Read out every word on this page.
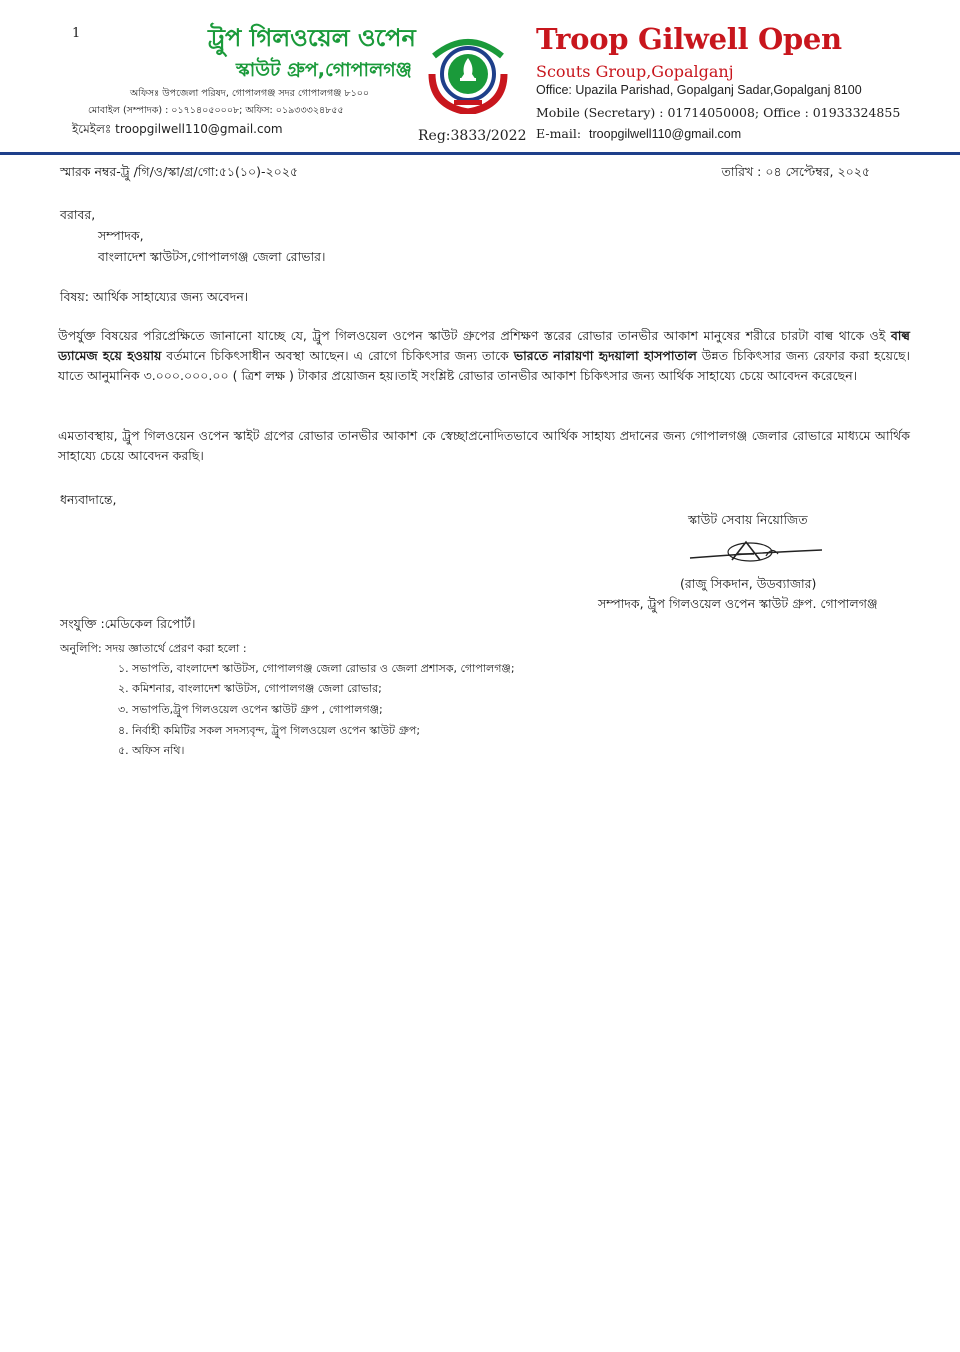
1	ট্রুপ গিলওয়েল ওপেন
স্কাউট গ্রুপ,গোপালগঞ্জ
অফিসঃ উপজেলা পরিষদ, গোপালগঞ্জ সদর গোপালগঞ্জ ৮১০০
মোবাইল (সম্পাদক) : ০১৭১৪০৫০০০৮; অফিস: ০১৯৩৩৩২৪৮৫৫
ইমেইলঃ troopgilwell110@gmail.com	Reg:3833/2022
Troop Gilwell Open
Scouts Group,Gopalganj
Office: Upazila Parishad, Gopalganj Sadar,Gopalganj 8100
Mobile (Secretary) : 01714050008; Office : 01933324855
E-mail: troopgilwell110@gmail.com
স্মারক নম্বর-ট্রু /গি/ও/স্কা/গ্র/গো:৫১(১০)-২০২৫	তারিখ : ০৪ সেপ্টেম্বর, ২০২৫
বরাবর,
সম্পাদক,
বাংলাদেশ স্কাউটস,গোপালগঞ্জ জেলা রোভার।
বিষয়: আর্থিক সাহায্যের জন্য অবেদন।
উপর্যুক্ত বিষয়ের পরিপ্রেক্ষিতে জানানো যাচ্ছে যে, ট্রুপ গিলওয়েল ওপেন স্কাউট গ্রুপের প্রশিক্ষণ স্তরের রোভার তানভীর আকাশ মানুষের শরীরে চারটা বাল্ব থাকে ওই বাল্ব ড্যামেজ হয়ে হওয়ায় বর্তমানে চিকিৎসাধীন অবস্থা আছেন। এ রোগে চিকিৎসার জন্য তাকে ভারতে নারায়ণা হৃদয়ালা হাসপাতাল উন্নত চিকিৎসার জন্য রেফার করা হয়েছে। যাতে আনুমানিক ৩.০০০.০০০.০০ ( ত্রিশ লক্ষ ) টাকার প্রয়োজন হয়।তাই সংশ্লিষ্ট রোভার তানভীর আকাশ চিকিৎসার জন্য আর্থিক সাহায্যে চেয়ে আবেদন করেছেন।
এমতাবস্থায়, ট্রুপ গিলওয়েন ওপেন স্কাইট গ্রপের রোভার তানভীর আকাশ কে স্বেচ্ছাপ্রনোদিতভাবে আর্থিক সাহায্য প্রদানের জন্য গোপালগঞ্জ জেলার রোভারে মাধ্যমে আর্থিক সাহায্যে চেয়ে আবেদন করছি।
ধন্যবাদান্তে,
স্কাউট সেবায় নিয়োজিত
(রাজু সিকদান, উডব্যাজার)
সম্পাদক, ট্রুপ গিলওয়েল ওপেন স্কাউট গ্রুপ. গোপালগঞ্জ
সংযুক্তি :মেডিকেল রিপোর্ট।
অনুলিপি: সদয় জ্ঞাতার্থে প্রেরণ করা হলো :
১. সভাপতি, বাংলাদেশ স্কাউটস, গোপালগঞ্জ জেলা রোভার ও জেলা প্রশাসক, গোপালগঞ্জ;
২. কমিশনার, বাংলাদেশ স্কাউটস, গোপালগঞ্জ জেলা রোভার;
৩. সভাপতি,ট্রুপ গিলওয়েল ওপেন স্কাউট গ্রুপ , গোপালগঞ্জ;
৪. নির্বাহী কমিটির সকল সদস্যবৃন্দ, ট্রুপ গিলওয়েল ওপেন স্কাউট গ্রুপ;
৫. অফিস নথি।
